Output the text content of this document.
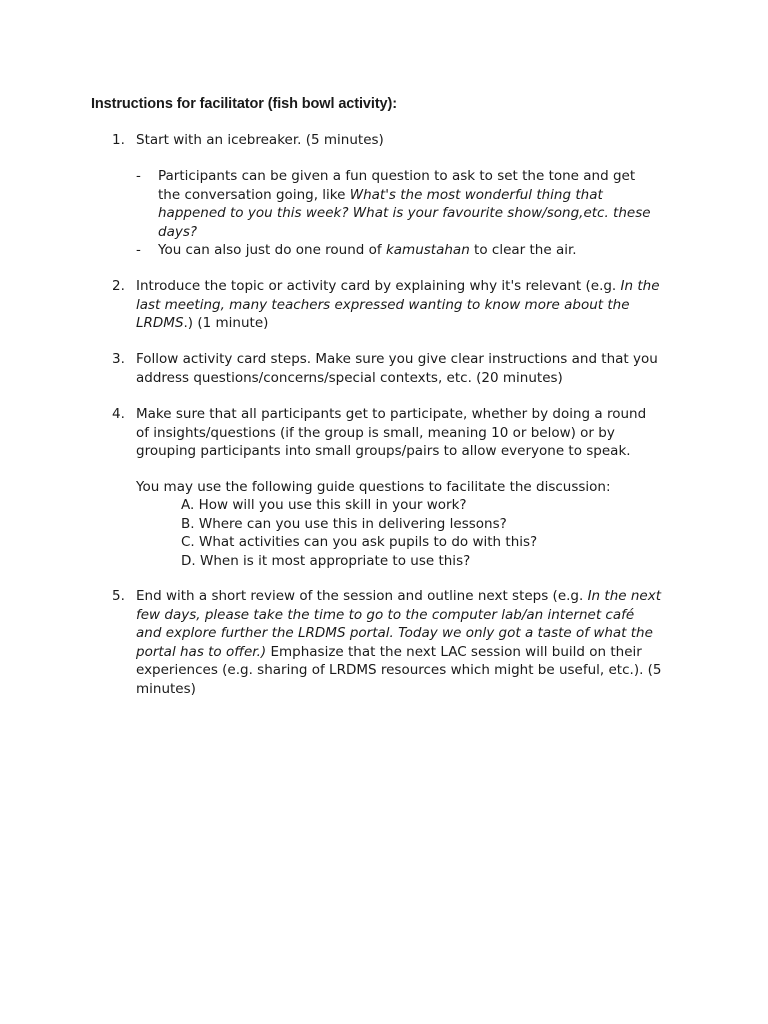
Instructions for facilitator (fish bowl activity):
1. Start with an icebreaker. (5 minutes)
- Participants can be given a fun question to ask to set the tone and get
the conversation going, like What's the most wonderful thing that
happened to you this week? What is your favourite show/song,etc. these
days?
- You can also just do one round of kamustahan to clear the air.
2. Introduce the topic or activity card by explaining why it's relevant (e.g. In the
last meeting, many teachers expressed wanting to know more about the
LRDMS.) (1 minute)
3. Follow activity card steps. Make sure you give clear instructions and that you
address questions/concerns/special contexts, etc. (20 minutes)
4. Make sure that all participants get to participate, whether by doing a round
of insights/questions (if the group is small, meaning 10 or below) or by
grouping participants into small groups/pairs to allow everyone to speak.
You may use the following guide questions to facilitate the discussion:
A. How will you use this skill in your work?
B. Where can you use this in delivering lessons?
C. What activities can you ask pupils to do with this?
D. When is it most appropriate to use this?
5. End with a short review of the session and outline next steps (e.g. In the next
few days, please take the time to go to the computer lab/an internet café
and explore further the LRDMS portal. Today we only got a taste of what the
portal has to offer.) Emphasize that the next LAC session will build on their
experiences (e.g. sharing of LRDMS resources which might be useful, etc.). (5
minutes)
